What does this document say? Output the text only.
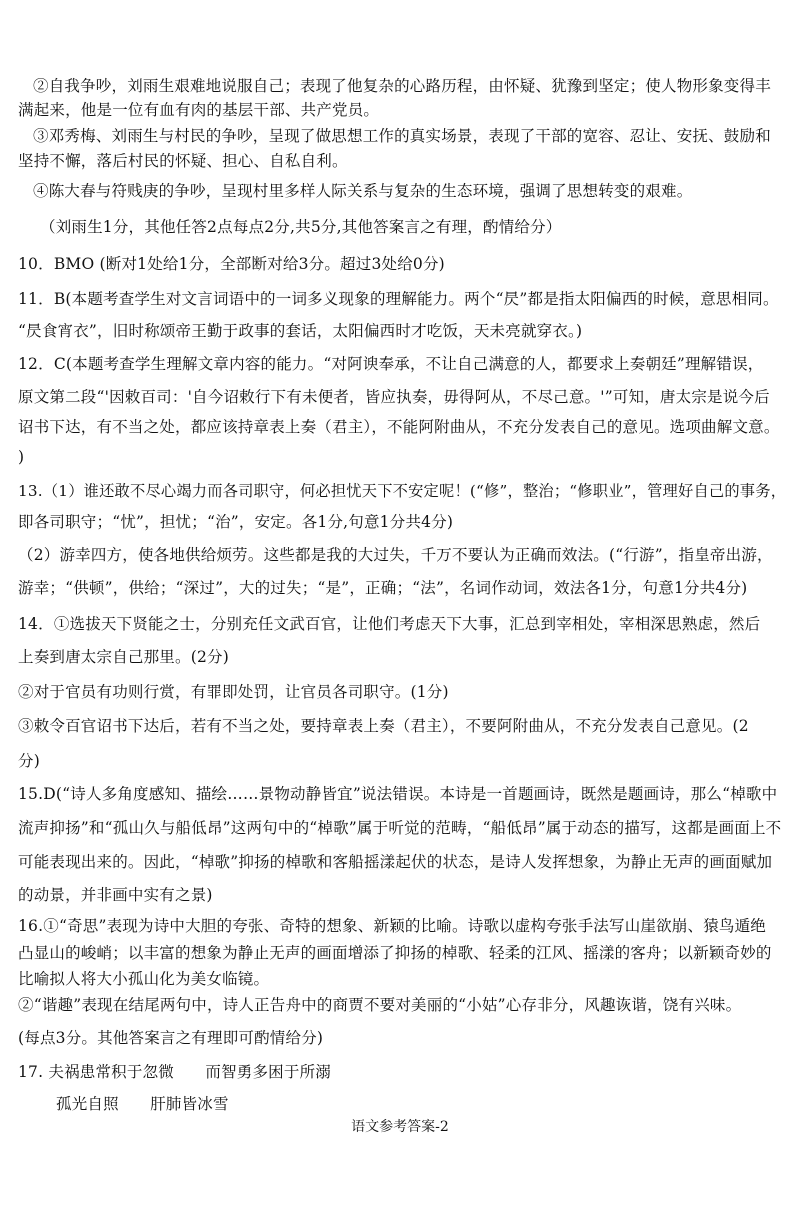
②自我争吵，刘雨生艰难地说服自己；表现了他复杂的心路历程，由怀疑、犹豫到坚定；使人物形象变得丰
满起来，他是一位有血有肉的基层干部、共产党员。
③邓秀梅、刘雨生与村民的争吵，呈现了做思想工作的真实场景，表现了干部的宽容、忍让、安抚、鼓励和
坚持不懈，落后村民的怀疑、担心、自私自利。
④陈大春与符贱庚的争吵，呈现村里多样人际关系与复杂的生态环境，强调了思想转变的艰难。
（刘雨生1分，其他任答2点每点2分,共5分,其他答案言之有理，酌情给分）
10．BMO (断对1处给1分，全部断对给3分。超过3处给0分)
11．B(本题考查学生对文言词语中的一词多义现象的理解能力。两个“昃”都是指太阳偏西的时候，意思相同。
“昃食宵衣”，旧时称颂帝王勤于政事的套话，太阳偏西时才吃饭，天未亮就穿衣。)
12．C(本题考查学生理解文章内容的能力。“对阿谀奉承，不让自己满意的人，都要求上奏朝廷”理解错误，
原文第二段“'因敕百司：'自今诏敕行下有未便者，皆应执奏，毋得阿从，不尽己意。'”可知，唐太宗是说今后
诏书下达，有不当之处，都应该持章表上奏（君主），不能阿附曲从，不充分发表自己的意见。选项曲解文意。
)
13.（1）谁还敢不尽心竭力而各司职守，何必担忧天下不安定呢！(“修”，整治；“修职业”，管理好自己的事务，
即各司职守；“忧”，担忧；“治”，安定。各1分,句意1分共4分)
（2）游幸四方，使各地供给烦劳。这些都是我的大过失，千万不要认为正确而效法。(“行游”，指皇帝出游，
游幸；“供顿”，供给；“深过”，大的过失；“是”，正确；“法”，名词作动词，效法各1分，句意1分共4分)
14．①选拔天下贤能之士，分别充任文武百官，让他们考虑天下大事，汇总到宰相处，宰相深思熟虑，然后
上奏到唐太宗自己那里。(2分)
②对于官员有功则行赏，有罪即处罚，让官员各司职守。(1分)
③敕令百官诏书下达后，若有不当之处，要持章表上奏（君主），不要阿附曲从，不充分发表自己意见。(2
分)
15.D(“诗人多角度感知、描绘……景物动静皆宜”说法错误。本诗是一首题画诗，既然是题画诗，那么“棹歌中
流声抑扬”和“孤山久与船低昂”这两句中的“棹歌”属于听觉的范畴，“船低昂”属于动态的描写，这都是画面上不
可能表现出来的。因此，“棹歌”抑扬的棹歌和客船摇漾起伏的状态，是诗人发挥想象，为静止无声的画面赋加
的动景，并非画中实有之景)
16.①“奇思”表现为诗中大胆的夸张、奇特的想象、新颖的比喻。诗歌以虚构夸张手法写山崖欲崩、猿鸟遁绝
凸显山的峻峭；以丰富的想象为静止无声的画面增添了抑扬的棹歌、轻柔的江风、摇漾的客舟；以新颖奇妙的
比喻拟人将大小孤山化为美女临镜。
②“谐趣”表现在结尾两句中，诗人正告舟中的商贾不要对美丽的“小姑”心存非分，风趣诙谐，饶有兴味。
(每点3分。其他答案言之有理即可酌情给分)
17. 夫祸患常积于忽微　　而智勇多困于所溺
孤光自照　　肝肺皆冰雪
语文参考答案-2
